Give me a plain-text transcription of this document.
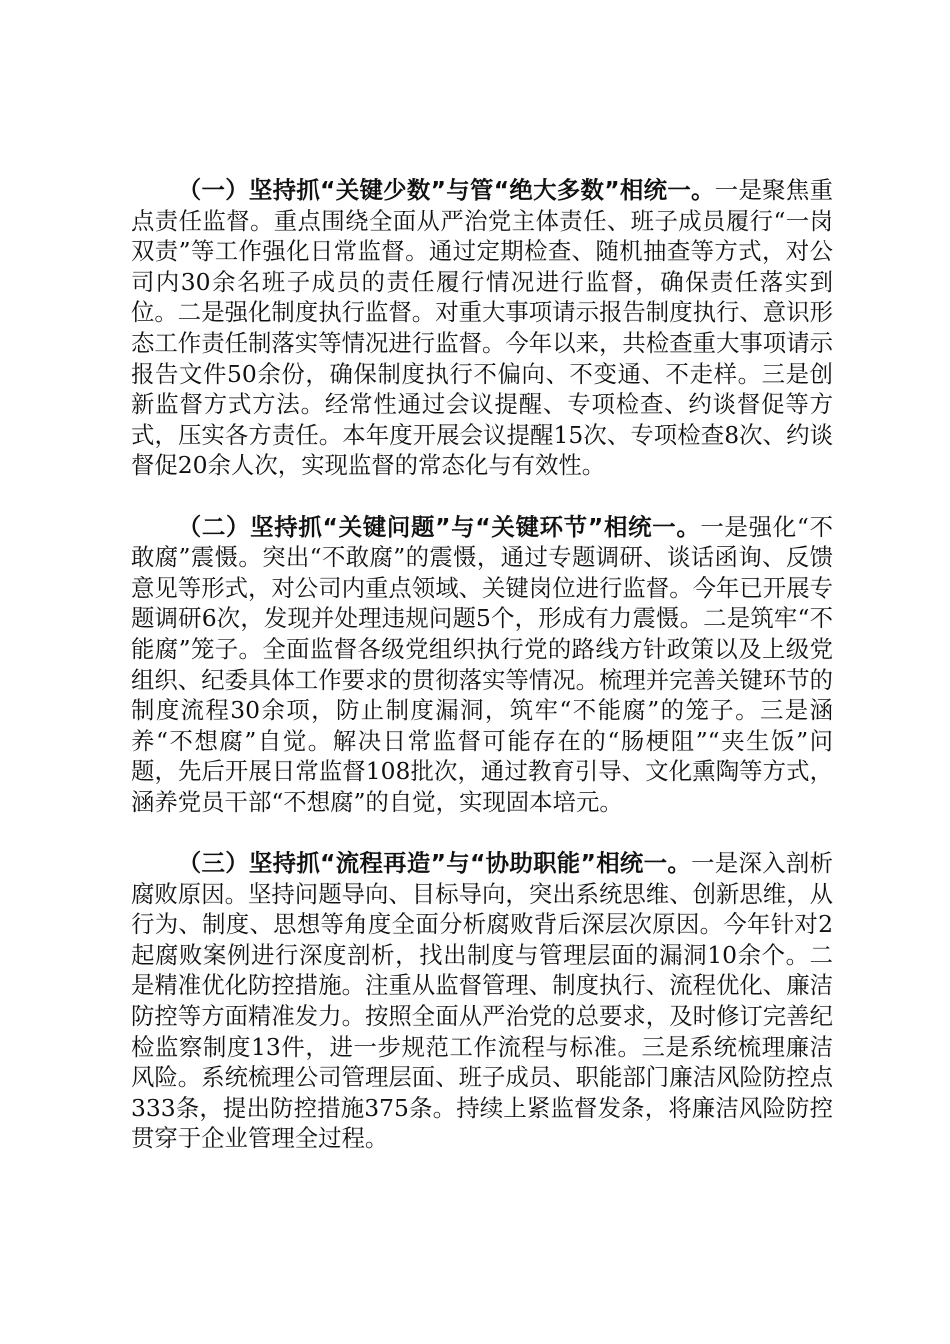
（一）坚持抓“关键少数”与管“绝大多数”相统一。一是聚焦重点责任监督。重点围绕全面从严治党主体责任、班子成员履行“一岗双责”等工作强化日常监督。通过定期检查、随机抽查等方式，对公司内30余名班子成员的责任履行情况进行监督，确保责任落实到位。二是强化制度执行监督。对重大事项请示报告制度执行、意识形态工作责任制落实等情况进行监督。今年以来，共检查重大事项请示报告文件50余份，确保制度执行不偏向、不变通、不走样。三是创新监督方式方法。经常性通过会议提醒、专项检查、约谈督促等方式，压实各方责任。本年度开展会议提醒15次、专项检查8次、约谈督促20余人次，实现监督的常态化与有效性。

（二）坚持抓“关键问题”与“关键环节”相统一。一是强化“不敢腐”震慑。突出“不敢腐”的震慑，通过专题调研、谈话函询、反馈意见等形式，对公司内重点领域、关键岗位进行监督。今年已开展专题调研6次，发现并处理违规问题5个，形成有力震慑。二是筑牢“不能腐”笼子。全面监督各级党组织执行党的路线方针政策以及上级党组织、纪委具体工作要求的贯彻落实等情况。梳理并完善关键环节的制度流程30余项，防止制度漏洞，筑牢“不能腐”的笼子。三是涵养“不想腐”自觉。解决日常监督可能存在的“肠梗阻”“夹生饭”问题，先后开展日常监督108批次，通过教育引导、文化熏陶等方式，涵养党员干部“不想腐”的自觉，实现固本培元。

（三）坚持抓“流程再造”与“协助职能”相统一。一是深入剖析腐败原因。坚持问题导向、目标导向，突出系统思维、创新思维，从行为、制度、思想等角度全面分析腐败背后深层次原因。今年针对2起腐败案例进行深度剖析，找出制度与管理层面的漏洞10余个。二是精准优化防控措施。注重从监督管理、制度执行、流程优化、廉洁防控等方面精准发力。按照全面从严治党的总要求，及时修订完善纪检监察制度13件，进一步规范工作流程与标准。三是系统梳理廉洁风险。系统梳理公司管理层面、班子成员、职能部门廉洁风险防控点333条，提出防控措施375条。持续上紧监督发条，将廉洁风险防控贯穿于企业管理全过程。
